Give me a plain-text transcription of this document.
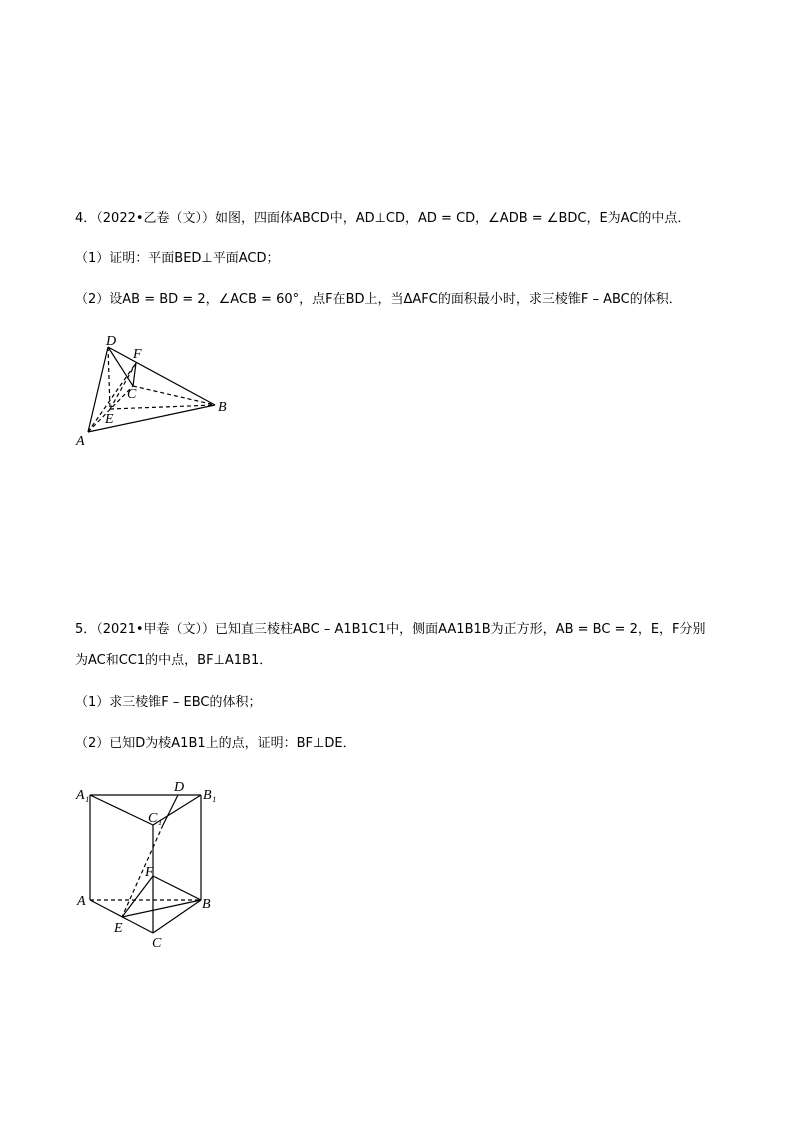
4．（2022•乙卷（文））如图，四面体ABCD中，AD⊥CD，AD = CD，∠ADB = ∠BDC，E为AC的中点．
（1）证明：平面BED⊥平面ACD；
（2）设AB = BD = 2，∠ACB = 60°，点F在BD上，当ΔAFC的面积最小时，求三棱锥F – ABC的体积．
D
F
C
B
E
A
5．（2021•甲卷（文））已知直三棱柱ABC – A1B1C1中，侧面AA1B1B为正方形，AB = BC = 2，E，F分别
为AC和CC1的中点，BF⊥A1B1．
（1）求三棱锥F – EBC的体积；
（2）已知D为棱A1B1上的点，证明：BF⊥DE．
A₁
D
B₁
C₁
F
A	B
E
C
